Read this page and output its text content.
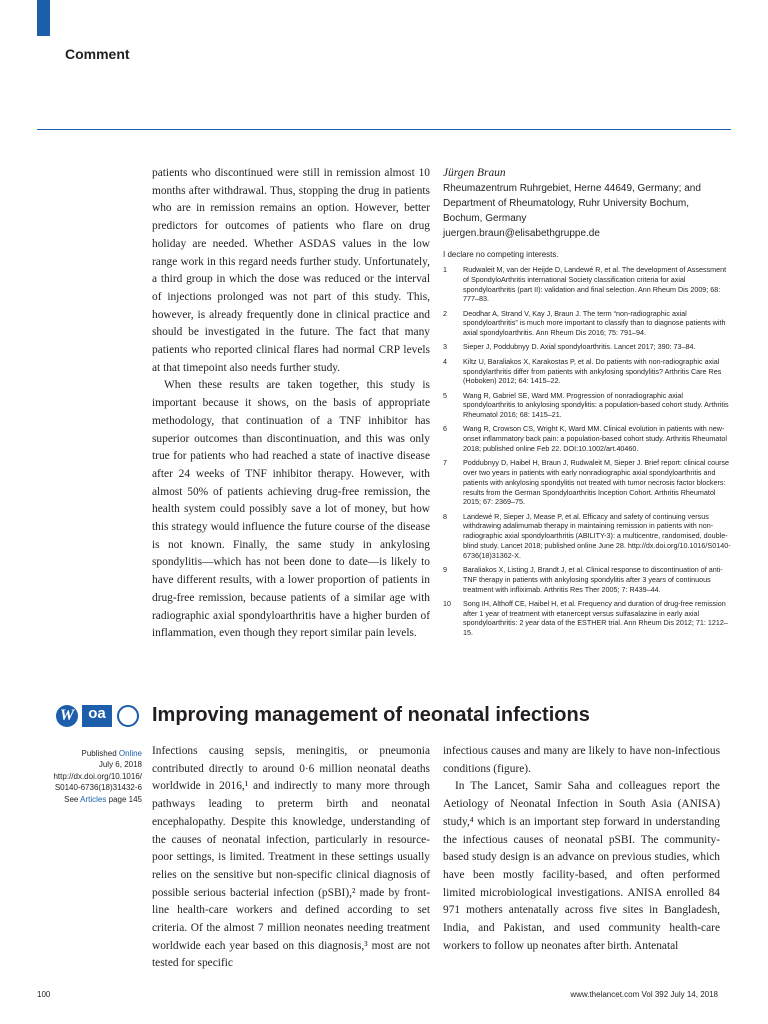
Comment

patients who discontinued were still in remission almost 10 months after withdrawal. Thus, stopping the drug in patients who are in remission remains an option. However, better predictors for outcomes of patients who flare on drug holiday are needed. Whether ASDAS values in the low range work in this regard needs further study. Unfortunately, a third group in which the dose was reduced or the interval of injections prolonged was not part of this study. This, however, is already frequently done in clinical practice and should be investigated in the future. The fact that many patients who reported clinical flares had normal CRP levels at that timepoint also needs further study.

When these results are taken together, this study is important because it shows, on the basis of appropriate methodology, that continuation of a TNF inhibitor has superior outcomes than discontinuation, and this was only true for patients who had reached a state of inactive disease after 24 weeks of TNF inhibitor therapy. However, with almost 50% of patients achieving drug-free remission, the health system could possibly save a lot of money, but how this strategy would influence the future course of the disease is not known. Finally, the same study in ankylosing spondylitis—which has not been done to date—is likely to have different results, with a lower proportion of patients in drug-free remission, because patients of a similar age with radiographic axial spondyloarthritis have a higher burden of inflammation, even though they report similar pain levels.

Jürgen Braun
Rheumazentrum Ruhrgebiet, Herne 44649, Germany; and
Department of Rheumatology, Ruhr University Bochum,
Bochum, Germany
juergen.braun@elisabethgruppe.de
I declare no competing interests.
1 Rudwaleit M, van der Heijde D, Landewé R, et al. The development of Assessment of SpondyloArthritis international Society classification criteria for axial spondyloarthritis (part II): validation and final selection. Ann Rheum Dis 2009; 68: 777–83.
2 Deodhar A, Strand V, Kay J, Braun J. The term “non-radiographic axial spondyloarthritis” is much more important to classify than to diagnose patients with axial spondyloarthritis. Ann Rheum Dis 2016; 75: 791–94.
3 Sieper J, Poddubnyy D. Axial spondyloarthritis. Lancet 2017; 390: 73–84.
4 Kiltz U, Baraliakos X, Karakostas P, et al. Do patients with non-radiographic axial spondylarthritis differ from patients with ankylosing spondylitis? Arthritis Care Res (Hoboken) 2012; 64: 1415–22.
5 Wang R, Gabriel SE, Ward MM. Progression of nonradiographic axial spondyloarthritis to ankylosing spondylitis: a population-based cohort study. Arthritis Rheumatol 2016; 68: 1415–21.
6 Wang R, Crowson CS, Wright K, Ward MM. Clinical evolution in patients with new-onset inflammatory back pain: a population-based cohort study. Arthritis Rheumatol 2018; published online Feb 22. DOI:10.1002/art.40460.
7 Poddubnyy D, Haibel H, Braun J, Rudwaleit M, Sieper J. Brief report: clinical course over two years in patients with early nonradiographic axial spondyloarthritis and patients with ankylosing spondylitis not treated with tumor necrosis factor blockers: results from the German Spondyloarthritis Inception Cohort. Arthritis Rheumatol 2015; 67: 2369–75.
8 Landewé R, Sieper J, Mease P, et al. Efficacy and safety of continuing versus withdrawing adalimumab therapy in maintaining remission in patients with non-radiographic axial spondyloarthritis (ABILITY-3): a multicentre, randomised, double-blind study. Lancet 2018; published online June 28. http://dx.doi.org/10.1016/S0140-6736(18)31362-X.
9 Baraliakos X, Listing J, Brandt J, et al. Clinical response to discontinuation of anti-TNF therapy in patients with ankylosing spondylitis after 3 years of continuous treatment with infliximab. Arthritis Res Ther 2005; 7: R439–44.
10 Song IH, Althoff CE, Haibel H, et al. Frequency and duration of drug-free remission after 1 year of treatment with etanercept versus sulfasalazine in early axial spondyloarthritis: 2 year data of the ESTHER trial. Ann Rheum Dis 2012; 71: 1212–15.
W oa	Improving management of neonatal infections
Published Online
July 6, 2018
http://dx.doi.org/10.1016/
S0140-6736(18)31432-6
See Articles page 145

Infections causing sepsis, meningitis, or pneumonia contributed directly to around 0·6 million neonatal deaths worldwide in 2016,¹ and indirectly to many more through pathways leading to preterm birth and neonatal encephalopathy. Despite this knowledge, understanding of the causes of neonatal infection, particularly in resource-poor settings, is limited. Treatment in these settings usually relies on the sensitive but non-specific clinical diagnosis of possible serious bacterial infection (pSBI),² made by front-line health-care workers and defined according to set criteria. Of the almost 7 million neonates needing treatment worldwide each year based on this diagnosis,³ most are not tested for specific

infectious causes and many are likely to have non-infectious conditions (figure).

In The Lancet, Samir Saha and colleagues report the Aetiology of Neonatal Infection in South Asia (ANISA) study,⁴ which is an important step forward in understanding the infectious causes of neonatal pSBI. The community-based study design is an advance on previous studies, which have been mostly facility-based, and often performed limited microbiological investigations. ANISA enrolled 84 971 mothers antenatally across five sites in Bangladesh, India, and Pakistan, and used community health-care workers to follow up neonates after birth. Antenatal

100	www.thelancet.com Vol 392 July 14, 2018
